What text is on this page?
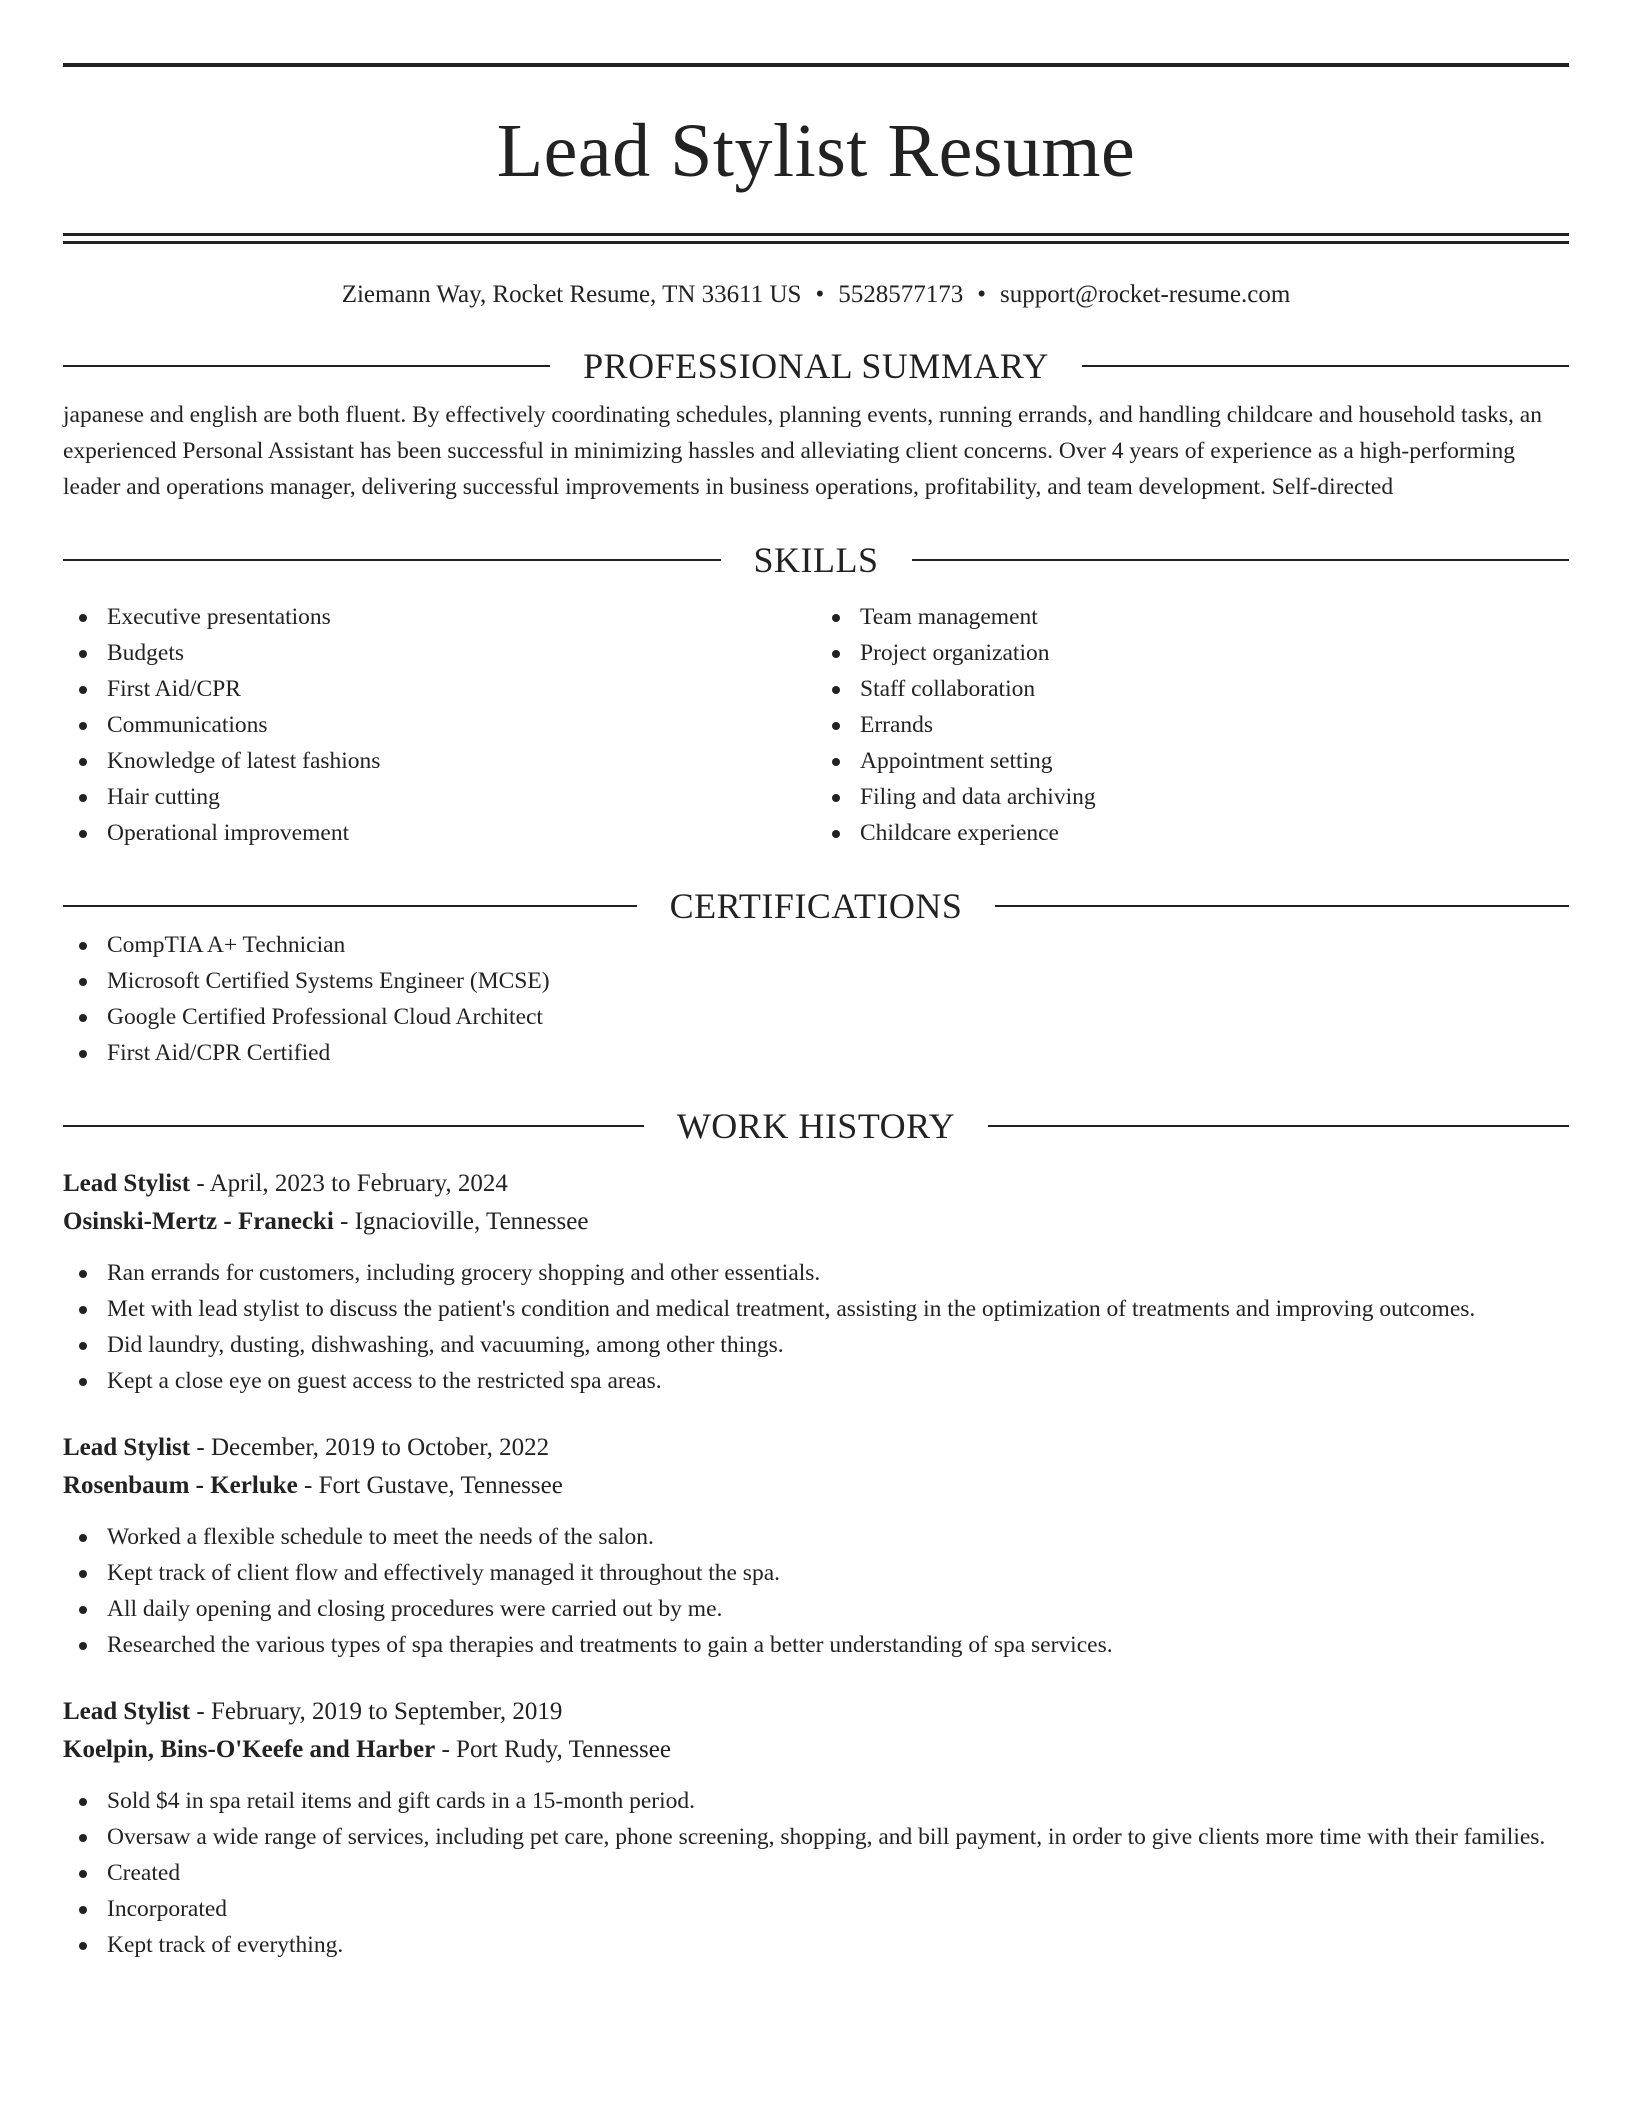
Lead Stylist Resume
Ziemann Way, Rocket Resume, TN 33611 US • 5528577173 • support@rocket-resume.com
PROFESSIONAL SUMMARY

japanese and english are both fluent. By effectively coordinating schedules, planning events, running errands, and handling childcare and household tasks, an experienced Personal Assistant has been successful in minimizing hassles and alleviating client concerns. Over 4 years of experience as a high-performing leader and operations manager, delivering successful improvements in business operations, profitability, and team development. Self-directed

SKILLS
Executive presentations
Budgets
First Aid/CPR
Communications
Knowledge of latest fashions
Hair cutting
Operational improvement
Team management
Project organization
Staff collaboration
Errands
Appointment setting
Filing and data archiving
Childcare experience
CERTIFICATIONS
CompTIA A+ Technician
Microsoft Certified Systems Engineer (MCSE)
Google Certified Professional Cloud Architect
First Aid/CPR Certified
WORK HISTORY
Lead Stylist - April, 2023 to February, 2024
Osinski-Mertz - Franecki - Ignacioville, Tennessee
Ran errands for customers, including grocery shopping and other essentials.
Met with lead stylist to discuss the patient's condition and medical treatment, assisting in the optimization of treatments and improving outcomes.
Did laundry, dusting, dishwashing, and vacuuming, among other things.
Kept a close eye on guest access to the restricted spa areas.
Lead Stylist - December, 2019 to October, 2022
Rosenbaum - Kerluke - Fort Gustave, Tennessee
Worked a flexible schedule to meet the needs of the salon.
Kept track of client flow and effectively managed it throughout the spa.
All daily opening and closing procedures were carried out by me.
Researched the various types of spa therapies and treatments to gain a better understanding of spa services.
Lead Stylist - February, 2019 to September, 2019
Koelpin, Bins-O'Keefe and Harber - Port Rudy, Tennessee
Sold $4 in spa retail items and gift cards in a 15-month period.
Oversaw a wide range of services, including pet care, phone screening, shopping, and bill payment, in order to give clients more time with their families.
Created
Incorporated
Kept track of everything.
